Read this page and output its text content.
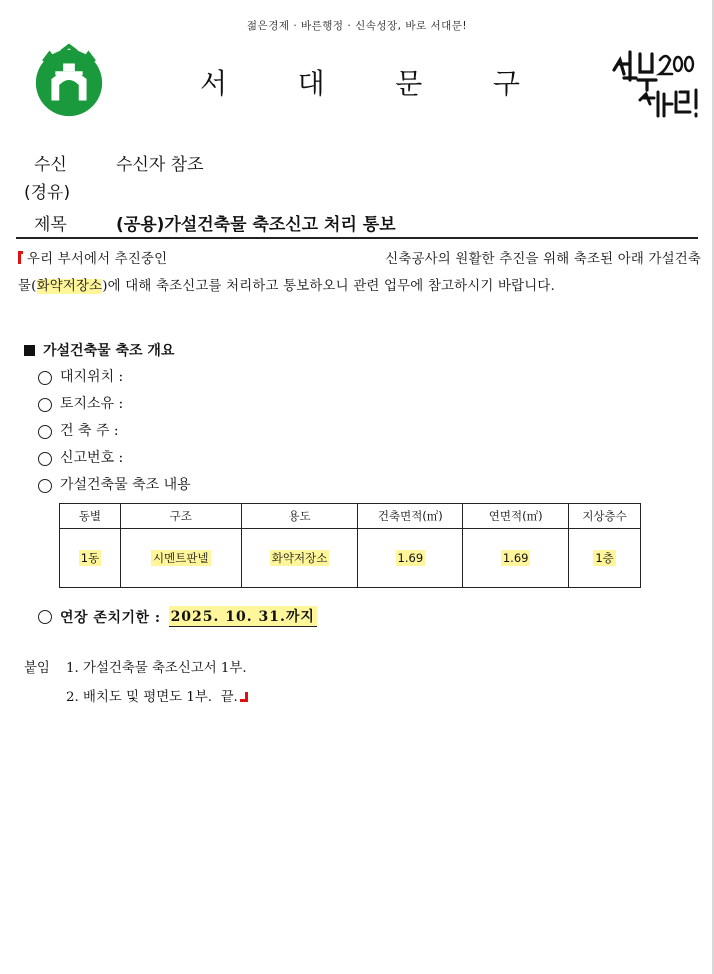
젊은경제 · 바른행정 · 신속성장, 바로 서대문!
서	대	문	구
수신	수신자 참조
(경유)
제목	(공용)가설건축물 축조신고 처리 통보
우리 부서에서 추진중인	신축공사의 원활한 추진을 위해 축조된 아래 가설건축물(화약저장소)에 대해 축조신고를 처리하고 통보하오니 관련 업무에 참고하시기 바랍니다.
가설건축물 축조 개요
대지위치 :
토지소유 :
건 축 주 :
신고번호 :
가설건축물 축조 내용
동별	구조	용도	건축면적(㎡)	연면적(㎡)	지상층수
1동	시멘트판넬	화약저장소	1.69	1.69	1층
연장 존치기한 : 2025. 10. 31.까지
붙임 1. 가설건축물 축조신고서 1부.
2. 배치도 및 평면도 1부. 끝.
